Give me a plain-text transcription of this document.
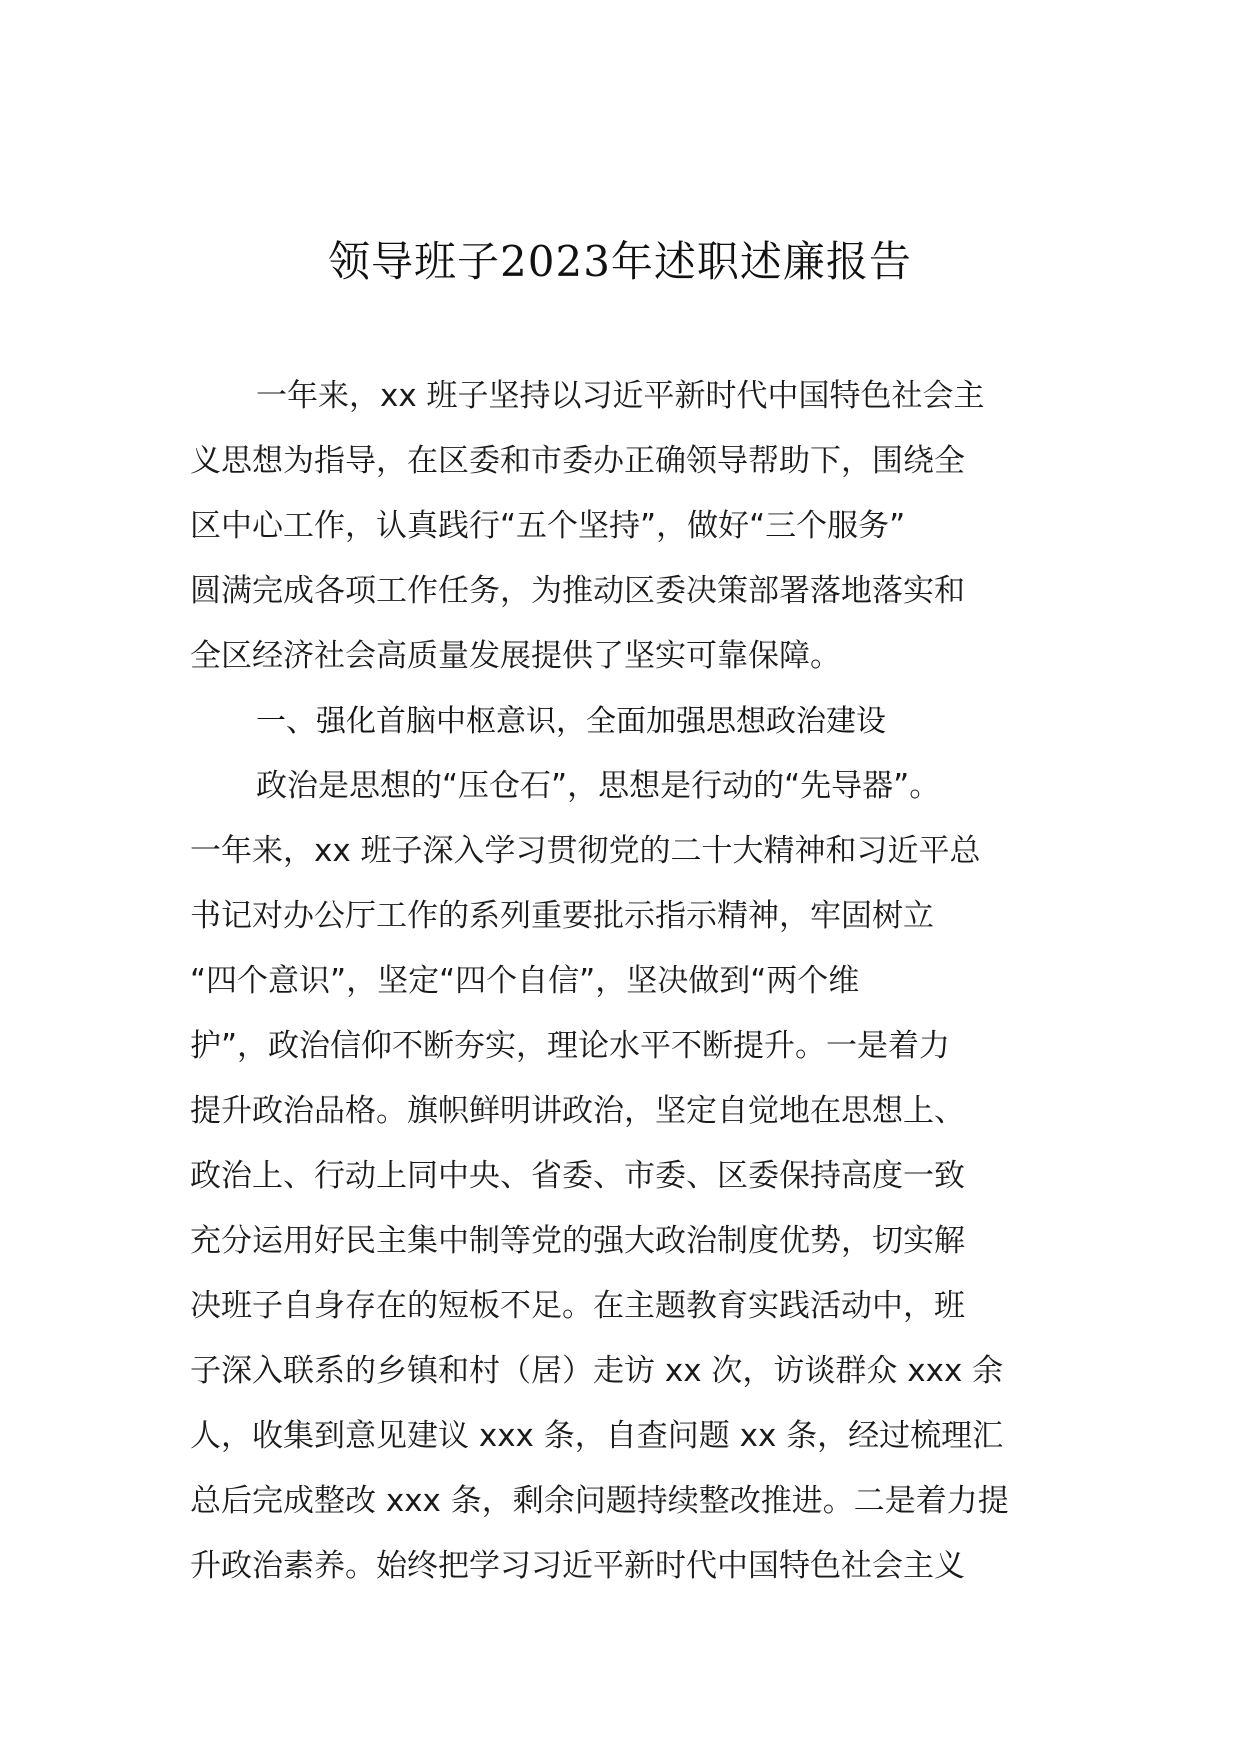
领导班子2023年述职述廉报告
一年来，xx 班子坚持以习近平新时代中国特色社会主
义思想为指导，在区委和市委办正确领导帮助下，围绕全
区中心工作，认真践行“五个坚持”，做好“三个服务”
圆满完成各项工作任务，为推动区委决策部署落地落实和
全区经济社会高质量发展提供了坚实可靠保障。
一、强化首脑中枢意识，全面加强思想政治建设
政治是思想的“压仓石”，思想是行动的“先导器”。
一年来，xx 班子深入学习贯彻党的二十大精神和习近平总
书记对办公厅工作的系列重要批示指示精神，牢固树立
“四个意识”，坚定“四个自信”，坚决做到“两个维
护”，政治信仰不断夯实，理论水平不断提升。一是着力
提升政治品格。旗帜鲜明讲政治，坚定自觉地在思想上、
政治上、行动上同中央、省委、市委、区委保持高度一致
充分运用好民主集中制等党的强大政治制度优势，切实解
决班子自身存在的短板不足。在主题教育实践活动中，班
子深入联系的乡镇和村（居）走访 xx 次，访谈群众 xxx 余
人，收集到意见建议 xxx 条，自查问题 xx 条，经过梳理汇
总后完成整改 xxx 条，剩余问题持续整改推进。二是着力提
升政治素养。始终把学习习近平新时代中国特色社会主义
